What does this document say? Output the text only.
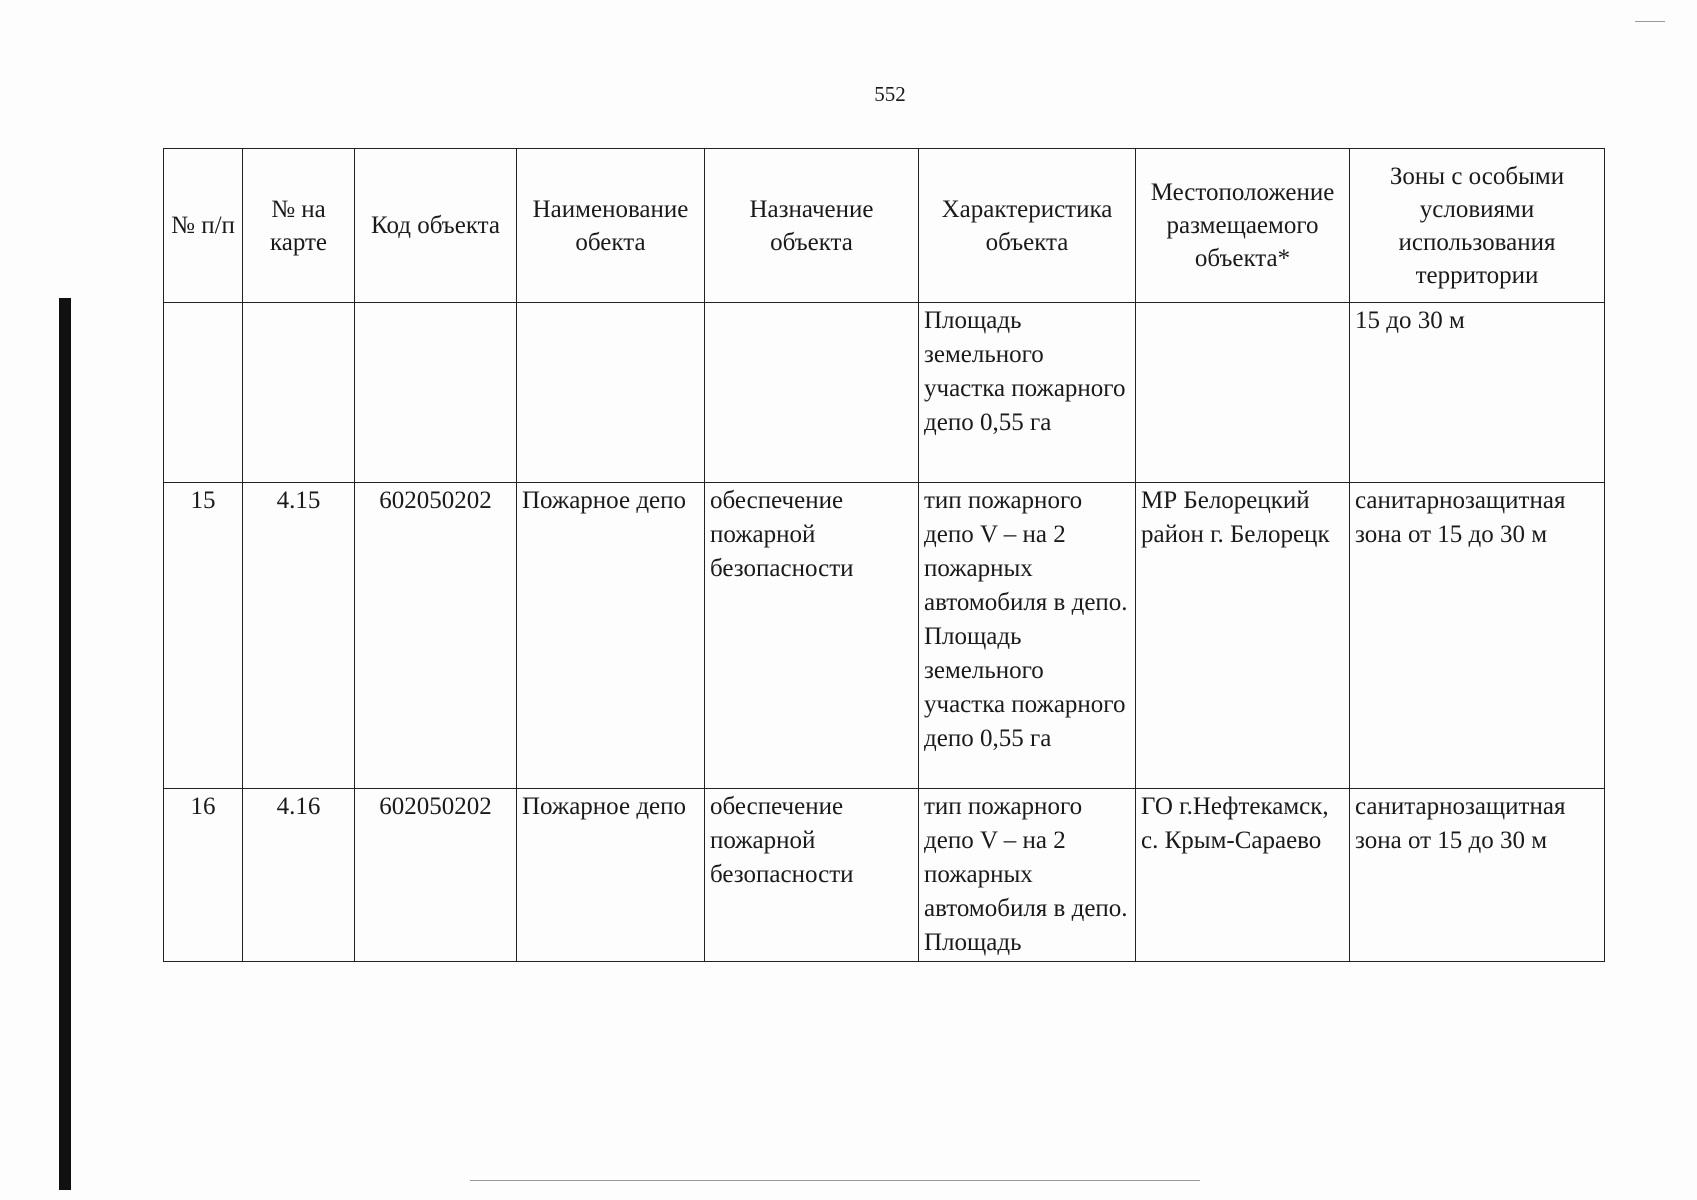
552
№ п/п	№ на карте	Код объекта	Наименование обекта	Назначение объекта	Характеристика объекта	Местоположение размещаемого объекта*	Зоны с особыми условиями использования территории
					Площадь земельного участка пожарного депо 0,55 га		15 до 30 м
15	4.15	602050202	Пожарное депо	обеспечение пожарной безопасности	тип пожарного депо V – на 2 пожарных автомобиля в депо. Площадь земельного участка пожарного депо 0,55 га	МР Белорецкий район г. Белорецк	санитарнозащитная зона от 15 до 30 м
16	4.16	602050202	Пожарное депо	обеспечение пожарной безопасности	тип пожарного депо V – на 2 пожарных автомобиля в депо. Площадь	ГО г.Нефтекамск, с. Крым-Сараево	санитарнозащитная зона от 15 до 30 м
